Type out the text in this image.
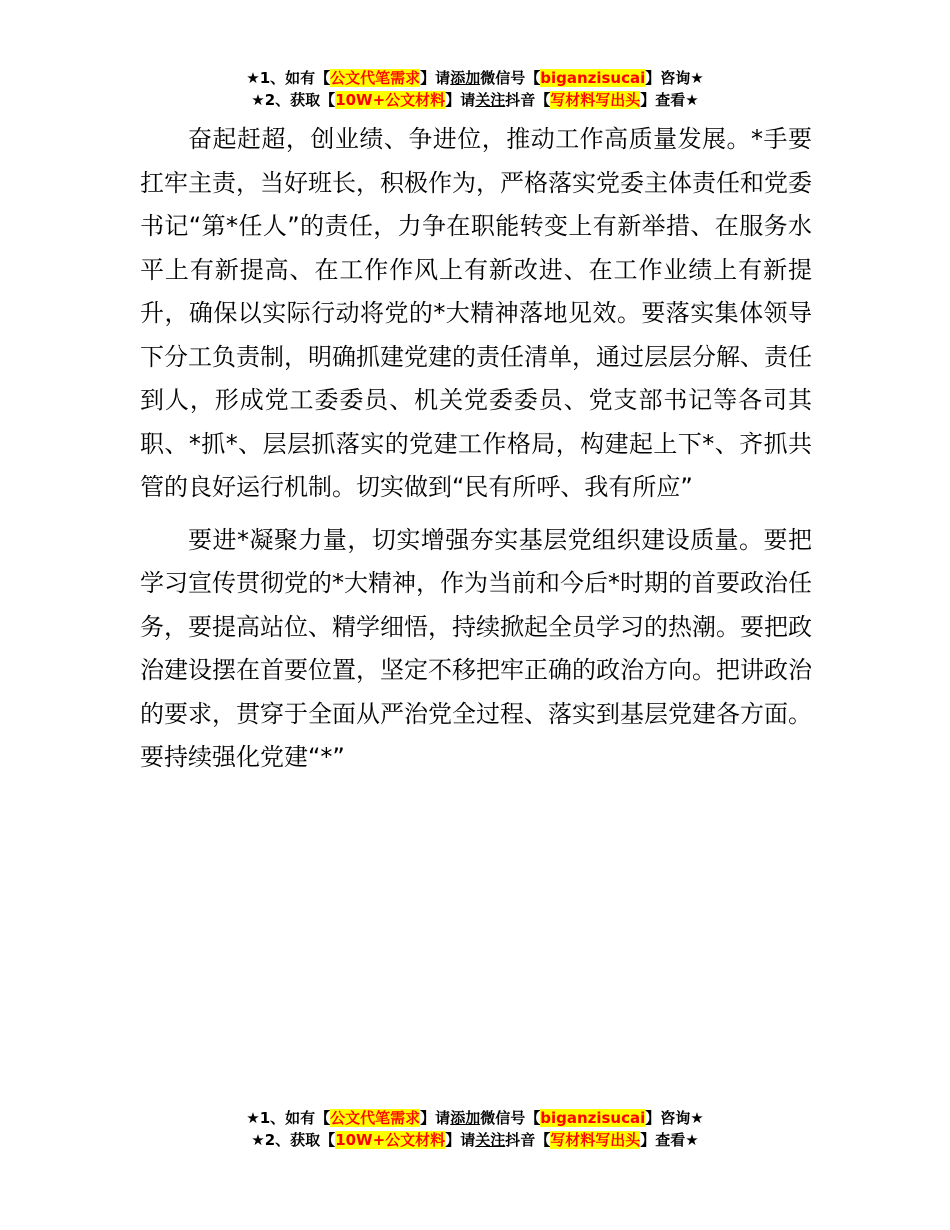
★1、如有【公文代笔需求】请添加微信号【biganzisucai】咨询★
★2、获取【10W+公文材料】请关注抖音【写材料写出头】查看★

奋起赶超，创业绩、争进位，推动工作高质量发展。*手要扛牢主责，当好班长，积极作为，严格落实党委主体责任和党委书记“第*任人”的责任，力争在职能转变上有新举措、在服务水平上有新提高、在工作作风上有新改进、在工作业绩上有新提升，确保以实际行动将党的*大精神落地见效。要落实集体领导下分工负责制，明确抓建党建的责任清单，通过层层分解、责任到人，形成党工委委员、机关党委委员、党支部书记等各司其职、*抓*、层层抓落实的党建工作格局，构建起上下*、齐抓共管的良好运行机制。切实做到“民有所呼、我有所应”

要进*凝聚力量，切实增强夯实基层党组织建设质量。要把学习宣传贯彻党的*大精神，作为当前和今后*时期的首要政治任务，要提高站位、精学细悟，持续掀起全员学习的热潮。要把政治建设摆在首要位置，坚定不移把牢正确的政治方向。把讲政治的要求，贯穿于全面从严治党全过程、落实到基层党建各方面。要持续强化党建“*”

★1、如有【公文代笔需求】请添加微信号【biganzisucai】咨询★
★2、获取【10W+公文材料】请关注抖音【写材料写出头】查看★
